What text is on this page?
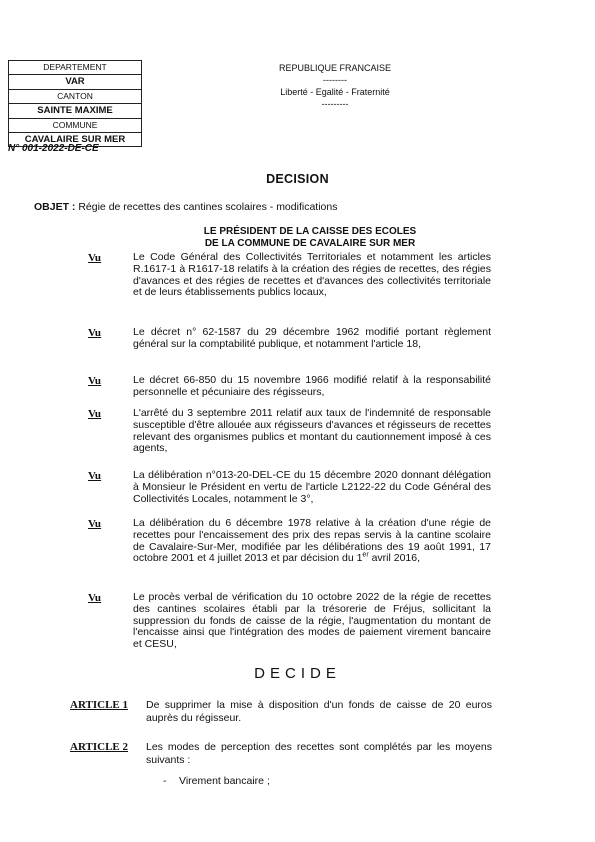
DEPARTEMENT
VAR
CANTON
SAINTE MAXIME
COMMUNE
CAVALAIRE SUR MER
REPUBLIQUE FRANCAISE
--------
Liberté - Egalité - Fraternité
---------
N° 001-2022-DE-CE
DECISION
OBJET : Régie de recettes des cantines scolaires - modifications
LE PRÉSIDENT DE LA CAISSE DES ECOLES
DE LA COMMUNE DE CAVALAIRE SUR MER
Vu	Le Code Général des Collectivités Territoriales et notamment les articles R.1617-1 à R1617-18 relatifs à la création des régies de recettes, des régies d'avances et des régies de recettes et d'avances des collectivités territoriale et de leurs établissements publics locaux,
Vu	Le décret n° 62-1587 du 29 décembre 1962 modifié portant règlement général sur la comptabilité publique, et notamment l'article 18,
Vu	Le décret 66-850 du 15 novembre 1966 modifié relatif à la responsabilité personnelle et pécuniaire des régisseurs,
Vu	L'arrêté du 3 septembre 2011 relatif aux taux de l'indemnité de responsable susceptible d'être allouée aux régisseurs d'avances et régisseurs de recettes relevant des organismes publics et montant du cautionnement imposé à ces agents,
Vu	La délibération n°013-20-DEL-CE du 15 décembre 2020 donnant délégation à Monsieur le Président en vertu de l'article L2122-22 du Code Général des Collectivités Locales, notamment le 3°,
Vu	La délibération du 6 décembre 1978 relative à la création d'une régie de recettes pour l'encaissement des prix des repas servis à la cantine scolaire de Cavalaire-Sur-Mer, modifiée par les délibérations des 19 août 1991, 17 octobre 2001 et 4 juillet 2013 et par décision du 1er avril 2016,
Vu	Le procès verbal de vérification du 10 octobre 2022 de la régie de recettes des cantines scolaires établi par la trésorerie de Fréjus, sollicitant la suppression du fonds de caisse de la régie, l'augmentation du montant de l'encaisse ainsi que l'intégration des modes de paiement virement bancaire et CESU,
DECIDE
ARTICLE 1 De supprimer la mise à disposition d'un fonds de caisse de 20 euros auprès du régisseur.
ARTICLE 2 Les modes de perception des recettes sont complétés par les moyens suivants :
- Virement bancaire ;
